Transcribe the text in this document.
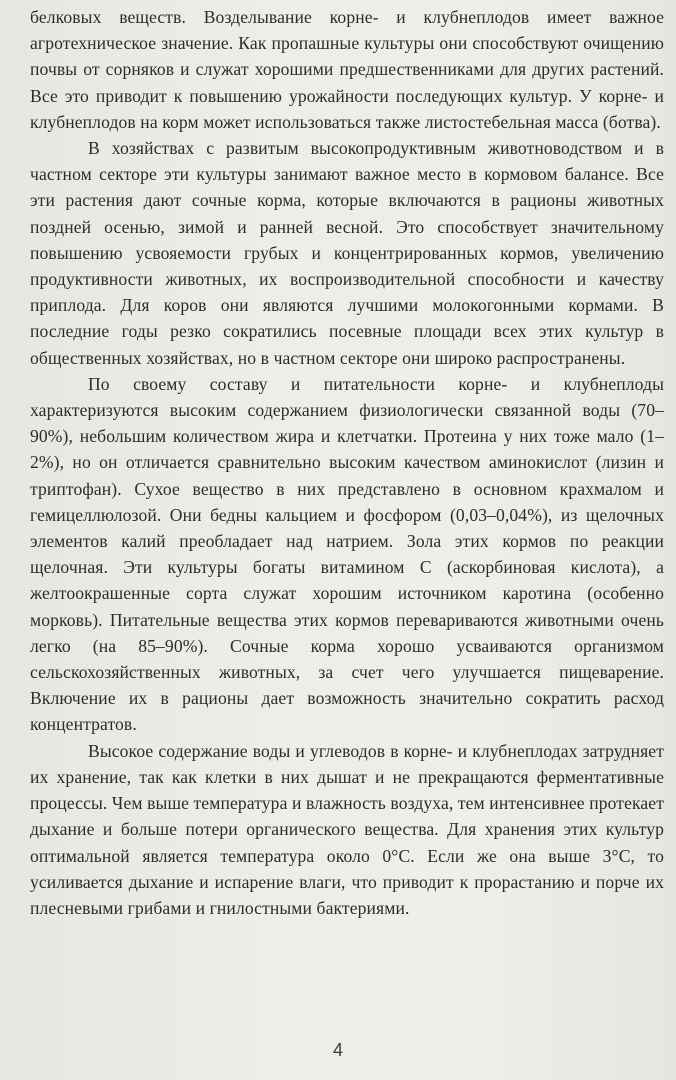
белковых веществ. Возделывание корне- и клубнеплодов имеет важное агротехническое значение. Как пропашные культуры они способствуют очищению почвы от сорняков и служат хорошими предшественниками для других растений. Все это приводит к повышению урожайности последующих культур. У корне- и клубнеплодов на корм может использоваться также листостебельная масса (ботва).

В хозяйствах с развитым высокопродуктивным животноводством и в частном секторе эти культуры занимают важное место в кормовом балансе. Все эти растения дают сочные корма, которые включаются в рационы животных поздней осенью, зимой и ранней весной. Это способствует значительному повышению усвояемости грубых и концентрированных кормов, увеличению продуктивности животных, их воспроизводительной способности и качеству приплода. Для коров они являются лучшими молокогонными кормами. В последние годы резко сократились посевные площади всех этих культур в общественных хозяйствах, но в частном секторе они широко распространены.

По своему составу и питательности корне- и клубнеплоды характеризуются высоким содержанием физиологически связанной воды (70–90%), небольшим количеством жира и клетчатки. Протеина у них тоже мало (1–2%), но он отличается сравнительно высоким качеством аминокислот (лизин и триптофан). Сухое вещество в них представлено в основном крахмалом и гемицеллюлозой. Они бедны кальцием и фосфором (0,03–0,04%), из щелочных элементов калий преобладает над натрием. Зола этих кормов по реакции щелочная. Эти культуры богаты витамином С (аскорбиновая кислота), а желтоокрашенные сорта служат хорошим источником каротина (особенно морковь). Питательные вещества этих кормов перевариваются животными очень легко (на 85–90%). Сочные корма хорошо усваиваются организмом сельскохозяйственных животных, за счет чего улучшается пищеварение. Включение их в рационы дает возможность значительно сократить расход концентратов.

Высокое содержание воды и углеводов в корне- и клубнеплодах затрудняет их хранение, так как клетки в них дышат и не прекращаются ферментативные процессы. Чем выше температура и влажность воздуха, тем интенсивнее протекает дыхание и больше потери органического вещества. Для хранения этих культур оптимальной является температура около 0°С. Если же она выше 3°С, то усиливается дыхание и испарение влаги, что приводит к прорастанию и порче их плесневыми грибами и гнилостными бактериями.

4
